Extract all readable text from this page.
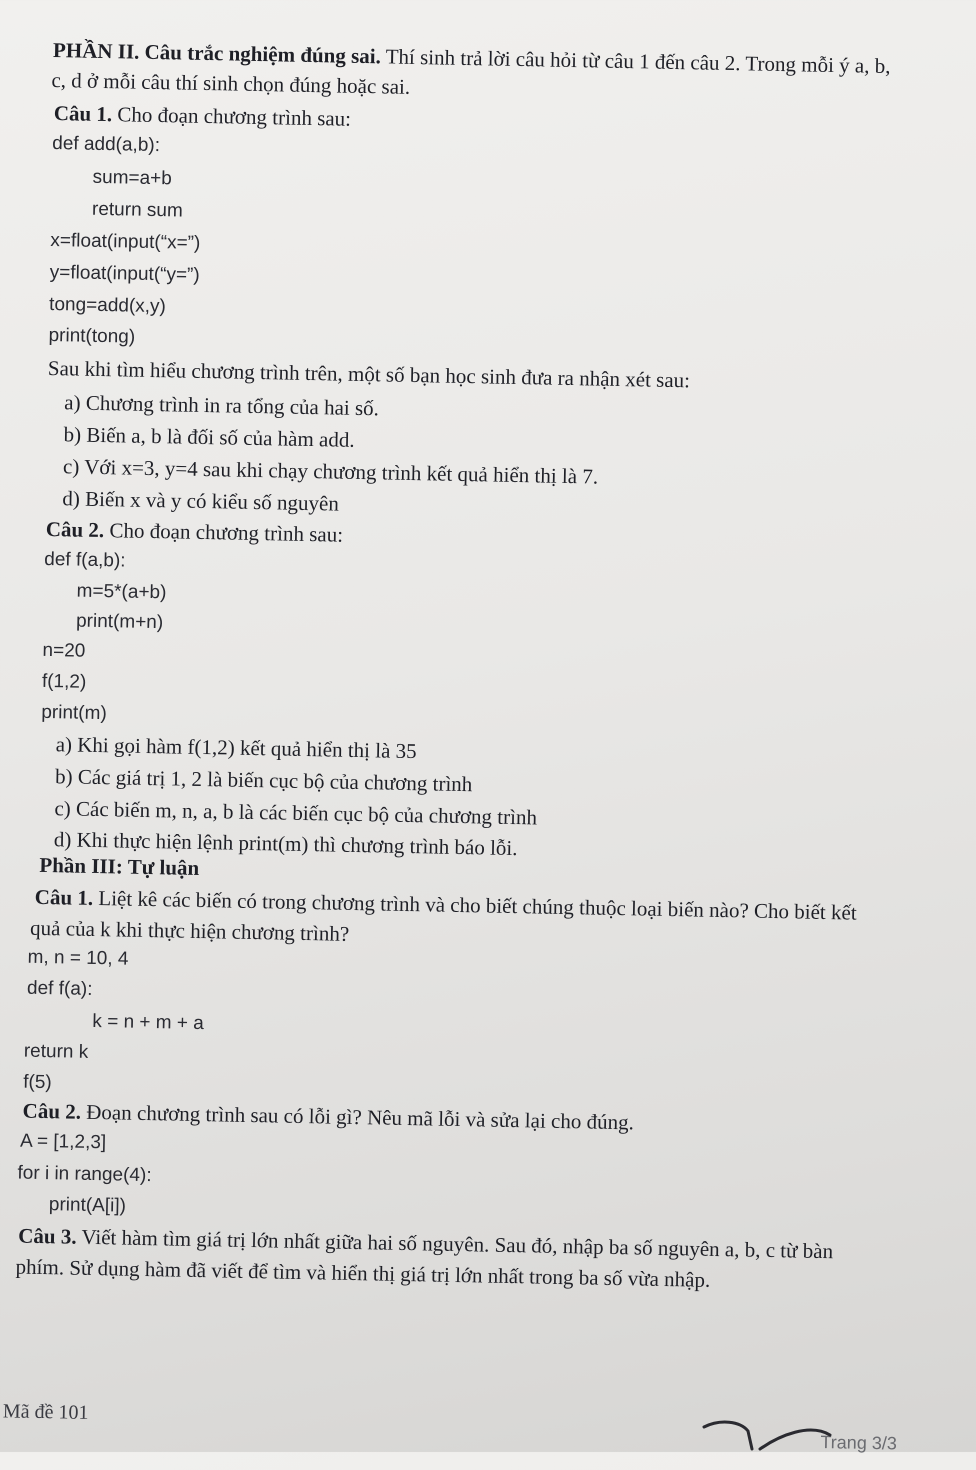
PHẦN II. Câu trắc nghiệm đúng sai. Thí sinh trả lời câu hỏi từ câu 1 đến câu 2. Trong mỗi ý a, b,
c, d ở mỗi câu thí sinh chọn đúng hoặc sai.
Câu 1. Cho đoạn chương trình sau:
def add(a,b):
sum=a+b
return sum
x=float(input(“x=”)
y=float(input(“y=”)
tong=add(x,y)
print(tong)
Sau khi tìm hiểu chương trình trên, một số bạn học sinh đưa ra nhận xét sau:
a) Chương trình in ra tổng của hai số.
b) Biến a, b là đối số của hàm add.
c) Với x=3, y=4 sau khi chạy chương trình kết quả hiển thị là 7.
d) Biến x và y có kiểu số nguyên
Câu 2. Cho đoạn chương trình sau:
def f(a,b):
m=5*(a+b)
print(m+n)
n=20
f(1,2)
print(m)
a) Khi gọi hàm f(1,2) kết quả hiển thị là 35
b) Các giá trị 1, 2 là biến cục bộ của chương trình
c) Các biến m, n, a, b là các biến cục bộ của chương trình
d) Khi thực hiện lệnh print(m) thì chương trình báo lỗi.
Phần III: Tự luận
Câu 1. Liệt kê các biến có trong chương trình và cho biết chúng thuộc loại biến nào? Cho biết kết
quả của k khi thực hiện chương trình?
m, n = 10, 4
def f(a):
k = n + m + a
return k
f(5)
Câu 2. Đoạn chương trình sau có lỗi gì? Nêu mã lỗi và sửa lại cho đúng.
A = [1,2,3]
for i in range(4):
print(A[i])
Câu 3. Viết hàm tìm giá trị lớn nhất giữa hai số nguyên. Sau đó, nhập ba số nguyên a, b, c từ bàn
phím. Sử dụng hàm đã viết để tìm và hiển thị giá trị lớn nhất trong ba số vừa nhập.
Mã đề 101
Trang 3/3
